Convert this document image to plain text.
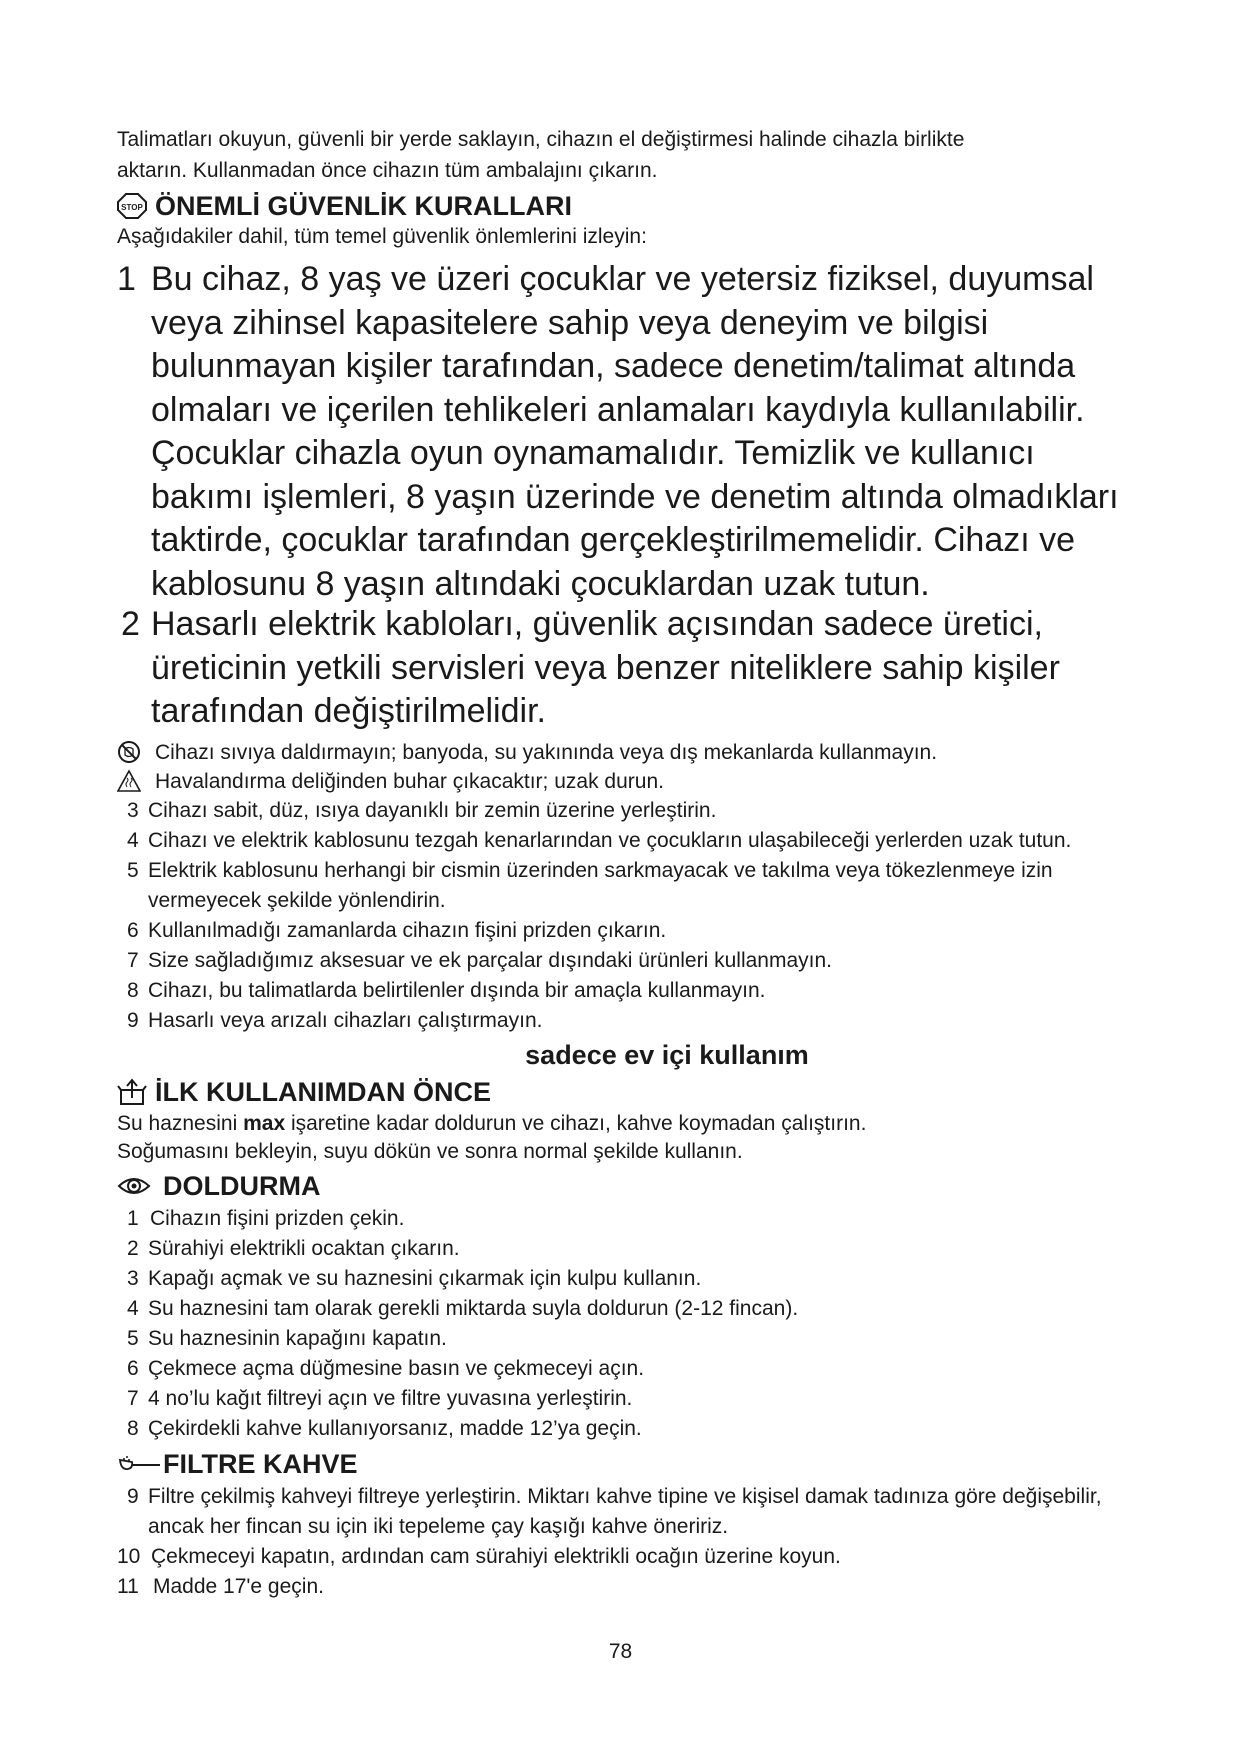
Talimatları okuyun, güvenli bir yerde saklayın, cihazın el değiştirmesi halinde cihazla birlikte

aktarın. Kullanmadan önce cihazın tüm ambalajını çıkarın.

STOP ÖNEMLİ GÜVENLİK KURALLARI

Aşağıdakiler dahil, tüm temel güvenlik önlemlerini izleyin:

1 Bu cihaz, 8 yaş ve üzeri çocuklar ve yetersiz fiziksel, duyumsal veya zihinsel kapasitelere sahip veya deneyim ve bilgisi bulunmayan kişiler tarafından, sadece denetim/talimat altında olmaları ve içerilen tehlikeleri anlamaları kaydıyla kullanılabilir. Çocuklar cihazla oyun oynamamalıdır. Temizlik ve kullanıcı bakımı işlemleri, 8 yaşın üzerinde ve denetim altında olmadıkları taktirde, çocuklar tarafından gerçekleştirilmemelidir. Cihazı ve kablosunu 8 yaşın altındaki çocuklardan uzak tutun.
2 Hasarlı elektrik kabloları, güvenlik açısından sadece üretici, üreticinin yetkili servisleri veya benzer niteliklere sahip kişiler tarafından değiştirilmelidir.
Cihazı sıvıya daldırmayın; banyoda, su yakınında veya dış mekanlarda kullanmayın.
Havalandırma deliğinden buhar çıkacaktır; uzak durun.
3 Cihazı sabit, düz, ısıya dayanıklı bir zemin üzerine yerleştirin.
4 Cihazı ve elektrik kablosunu tezgah kenarlarından ve çocukların ulaşabileceği yerlerden uzak tutun.
5 Elektrik kablosunu herhangi bir cismin üzerinden sarkmayacak ve takılma veya tökezlenmeye izin vermeyecek şekilde yönlendirin.
6 Kullanılmadığı zamanlarda cihazın fişini prizden çıkarın.
7 Size sağladığımız aksesuar ve ek parçalar dışındaki ürünleri kullanmayın.
8 Cihazı, bu talimatlarda belirtilenler dışında bir amaçla kullanmayın.
9 Hasarlı veya arızalı cihazları çalıştırmayın.
sadece ev içi kullanım
İLK KULLANIMDAN ÖNCE

Su haznesini max işaretine kadar doldurun ve cihazı, kahve koymadan çalıştırın.

Soğumasını bekleyin, suyu dökün ve sonra normal şekilde kullanın.

DOLDURMA
1 Cihazın fişini prizden çekin.
2 Sürahiyi elektrikli ocaktan çıkarın.
3 Kapağı açmak ve su haznesini çıkarmak için kulpu kullanın.
4 Su haznesini tam olarak gerekli miktarda suyla doldurun (2-12 fincan).
5 Su haznesinin kapağını kapatın.
6 Çekmece açma düğmesine basın ve çekmeceyi açın.
7 4 no’lu kağıt filtreyi açın ve filtre yuvasına yerleştirin.
8 Çekirdekli kahve kullanıyorsanız, madde 12’ya geçin.
FILTRE KAHVE
9 Filtre çekilmiş kahveyi filtreye yerleştirin. Miktarı kahve tipine ve kişisel damak tadınıza göre değişebilir, ancak her fincan su için iki tepeleme çay kaşığı kahve öneririz.
10 Çekmeceyi kapatın, ardından cam sürahiyi elektrikli ocağın üzerine koyun.
11 Madde 17'e geçin.
78
